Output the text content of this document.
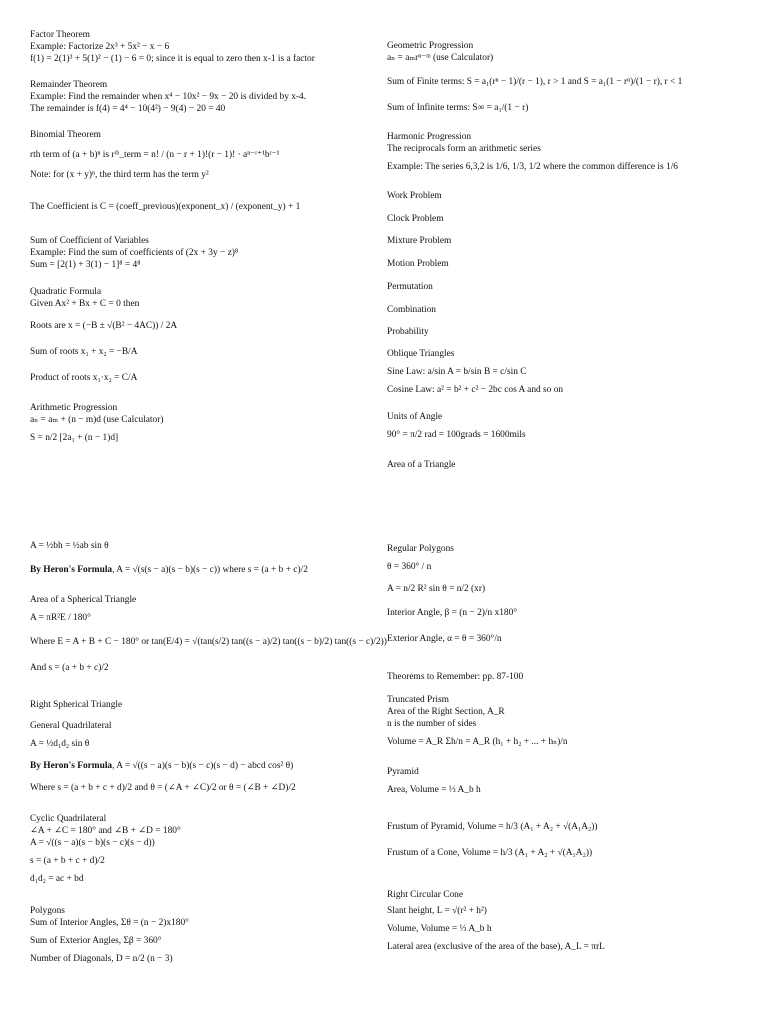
Factor Theorem
Example: Factorize 2x³ + 5x² − x − 6
f(1) = 2(1)³ + 5(1)² − (1) − 6 = 0; since it is equal to zero then x-1 is a factor
Remainder Theorem
Example: Find the remainder when x⁴ − 10x² − 9x − 20 is divided by x-4.
The remainder is f(4) = 4⁴ − 10(4²) − 9(4) − 20 = 40
Binomial Theorem
rth term of (a + b)ⁿ is rᵗʰ_term = n! / (n − r + 1)!(r − 1)! · aⁿ⁻ʳ⁺¹bʳ⁻¹
Note: for (x + y)ⁿ, the third term has the term y²
The Coefficient is C = (coeff_previous)(exponent_x) / (exponent_y) + 1
Sum of Coefficient of Variables
Example: Find the sum of coefficients of (2x + 3y − z)⁸
Sum = [2(1) + 3(1) − 1]⁸ = 4⁸
Quadratic Formula
Given Ax² + Bx + C = 0 then
Roots are x = (−B ± √(B² − 4AC)) / 2A
Sum of roots x₁ + x₂ = −B/A
Product of roots x₁·x₂ = C/A
Arithmetic Progression
aₙ = aₘ + (n − m)d (use Calculator)
S = n/2 [2a₁ + (n − 1)d]
Geometric Progression
aₙ = aₘrⁿ⁻ᵐ (use Calculator)
Sum of Finite terms: S = a₁(rⁿ − 1)/(r − 1), r > 1 and S = a₁(1 − rⁿ)/(1 − r), r < 1
Sum of Infinite terms: S∞ = a₁/(1 − r)
Harmonic Progression
The reciprocals form an arithmetic series
Example: The series 6,3,2 is 1/6, 1/3, 1/2 where the common difference is 1/6
Work Problem
Clock Problem
Mixture Problem
Motion Problem
Permutation
Combination
Probability
Oblique Triangles
Sine Law: a/sin A = b/sin B = c/sin C
Cosine Law: a² = b² + c² − 2bc cos A and so on
Units of Angle
90° = π/2 rad = 100grads = 1600mils
Area of a Triangle
A = ½bh = ½ab sin θ
By Heron's Formula, A = √(s(s − a)(s − b)(s − c)) where s = (a + b + c)/2
Area of a Spherical Triangle
A = πR²E / 180°
Where E = A + B + C − 180° or tan(E/4) = √(tan(s/2) tan((s − a)/2) tan((s − b)/2) tan((s − c)/2))
And s = (a + b + c)/2
Right Spherical Triangle
General Quadrilateral
A = ½d₁d₂ sin θ
By Heron's Formula, A = √((s − a)(s − b)(s − c)(s − d) − abcd cos² θ)
Where s = (a + b + c + d)/2 and θ = (∠A + ∠C)/2 or θ = (∠B + ∠D)/2
Cyclic Quadrilateral
∠A + ∠C = 180° and ∠B + ∠D = 180°
A = √((s − a)(s − b)(s − c)(s − d))
s = (a + b + c + d)/2
d₁d₂ = ac + bd
Polygons
Sum of Interior Angles, Σθ = (n − 2)x180°
Sum of Exterior Angles, Σβ = 360°
Number of Diagonals, D = n/2 (n − 3)
Regular Polygons
θ = 360° / n
A = n/2 R² sin θ = n/2 (xr)
Interior Angle, β = (n − 2)/n x180°
Exterior Angle, α = θ = 360°/n
Theorems to Remember: pp. 87-100
Truncated Prism
Area of the Right Section, A_R
n is the number of sides
Volume = A_R Σh/n = A_R (h₁ + h₂ + ... + hₙ)/n
Pyramid
Area, Volume = ⅓ A_b h
Frustum of Pyramid, Volume = h/3 (A₁ + A₂ + √(A₁A₂))
Frustum of a Cone, Volume = h/3 (A₁ + A₂ + √(A₁A₂))
Right Circular Cone
Slant height, L = √(r² + h²)
Volume, Volume = ⅓ A_b h
Lateral area (exclusive of the area of the base), A_L = πrL
